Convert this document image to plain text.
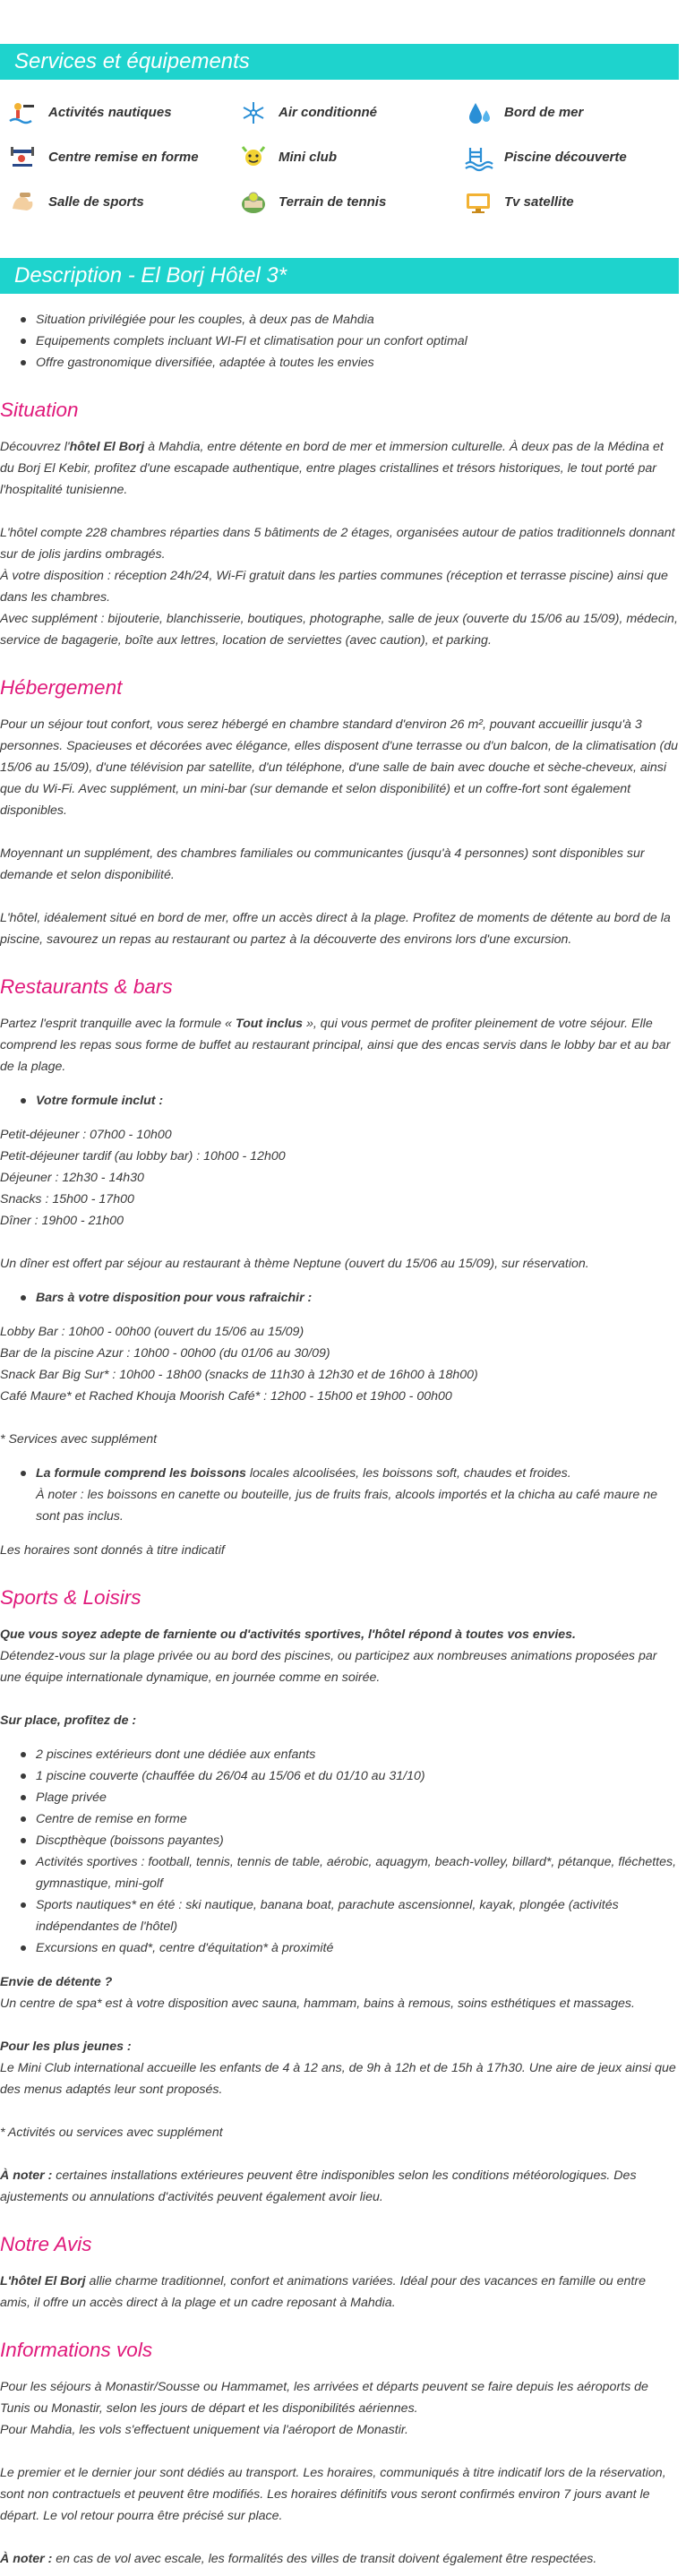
Services et équipements
Activités nautiques	Air conditionné	Bord de mer
Centre remise en forme	Mini club	Piscine découverte
Salle de sports	Terrain de tennis	Tv satellite
Description - El Borj Hôtel 3*
Situation privilégiée pour les couples, à deux pas de Mahdia
Equipements complets incluant WI-FI et climatisation pour un confort optimal
Offre gastronomique diversifiée, adaptée à toutes les envies
Situation

Découvrez l'hôtel El Borj à Mahdia, entre détente en bord de mer et immersion culturelle. À deux pas de la Médina et du Borj El Kebir, profitez d'une escapade authentique, entre plages cristallines et trésors historiques, le tout porté par l'hospitalité tunisienne.

L'hôtel compte 228 chambres réparties dans 5 bâtiments de 2 étages, organisées autour de patios traditionnels donnant sur de jolis jardins ombragés.

À votre disposition : réception 24h/24, Wi-Fi gratuit dans les parties communes (réception et terrasse piscine) ainsi que dans les chambres.

Avec supplément : bijouterie, blanchisserie, boutiques, photographe, salle de jeux (ouverte du 15/06 au 15/09), médecin, service de bagagerie, boîte aux lettres, location de serviettes (avec caution), et parking.

Hébergement

Pour un séjour tout confort, vous serez hébergé en chambre standard d'environ 26 m², pouvant accueillir jusqu'à 3 personnes. Spacieuses et décorées avec élégance, elles disposent d'une terrasse ou d'un balcon, de la climatisation (du 15/06 au 15/09), d'une télévision par satellite, d'un téléphone, d'une salle de bain avec douche et sèche-cheveux, ainsi que du Wi-Fi. Avec supplément, un mini-bar (sur demande et selon disponibilité) et un coffre-fort sont également disponibles.

Moyennant un supplément, des chambres familiales ou communicantes (jusqu'à 4 personnes) sont disponibles sur demande et selon disponibilité.

L'hôtel, idéalement situé en bord de mer, offre un accès direct à la plage. Profitez de moments de détente au bord de la piscine, savourez un repas au restaurant ou partez à la découverte des environs lors d'une excursion.

Restaurants & bars

Partez l'esprit tranquille avec la formule « Tout inclus », qui vous permet de profiter pleinement de votre séjour. Elle comprend les repas sous forme de buffet au restaurant principal, ainsi que des encas servis dans le lobby bar et au bar de la plage.

Votre formule inclut :

Petit-déjeuner : 07h00 - 10h00

Petit-déjeuner tardif (au lobby bar) : 10h00 - 12h00

Déjeuner : 12h30 - 14h30

Snacks : 15h00 - 17h00

Dîner : 19h00 - 21h00

Un dîner est offert par séjour au restaurant à thème Neptune (ouvert du 15/06 au 15/09), sur réservation.

Bars à votre disposition pour vous rafraichir :

Lobby Bar : 10h00 - 00h00 (ouvert du 15/06 au 15/09)

Bar de la piscine Azur : 10h00 - 00h00 (du 01/06 au 30/09)

Snack Bar Big Sur* : 10h00 - 18h00 (snacks de 11h30 à 12h30 et de 16h00 à 18h00)

Café Maure* et Rached Khouja Moorish Café* : 12h00 - 15h00 et 19h00 - 00h00

* Services avec supplément

La formule comprend les boissons locales alcoolisées, les boissons soft, chaudes et froides.
À noter : les boissons en canette ou bouteille, jus de fruits frais, alcools importés et la chicha au café maure ne sont pas inclus.

Les horaires sont donnés à titre indicatif

Sports & Loisirs

Que vous soyez adepte de farniente ou d'activités sportives, l'hôtel répond à toutes vos envies.

Détendez-vous sur la plage privée ou au bord des piscines, ou participez aux nombreuses animations proposées par une équipe internationale dynamique, en journée comme en soirée.

Sur place, profitez de :

2 piscines extérieurs dont une dédiée aux enfants
1 piscine couverte (chauffée du 26/04 au 15/06 et du 01/10 au 31/10)
Plage privée
Centre de remise en forme
Discpthèque (boissons payantes)
Activités sportives : football, tennis, tennis de table, aérobic, aquagym, beach-volley, billard*, pétanque, fléchettes, gymnastique, mini-golf
Sports nautiques* en été : ski nautique, banana boat, parachute ascensionnel, kayak, plongée (activités indépendantes de l'hôtel)
Excursions en quad*, centre d'équitation* à proximité

Envie de détente ?

Un centre de spa* est à votre disposition avec sauna, hammam, bains à remous, soins esthétiques et massages.

Pour les plus jeunes :

Le Mini Club international accueille les enfants de 4 à 12 ans, de 9h à 12h et de 15h à 17h30. Une aire de jeux ainsi que des menus adaptés leur sont proposés.

* Activités ou services avec supplément

À noter : certaines installations extérieures peuvent être indisponibles selon les conditions météorologiques. Des ajustements ou annulations d'activités peuvent également avoir lieu.

Notre Avis

L'hôtel El Borj allie charme traditionnel, confort et animations variées. Idéal pour des vacances en famille ou entre amis, il offre un accès direct à la plage et un cadre reposant à Mahdia.

Informations vols

Pour les séjours à Monastir/Sousse ou Hammamet, les arrivées et départs peuvent se faire depuis les aéroports de Tunis ou Monastir, selon les jours de départ et les disponibilités aériennes.

Pour Mahdia, les vols s'effectuent uniquement via l'aéroport de Monastir.

Le premier et le dernier jour sont dédiés au transport. Les horaires, communiqués à titre indicatif lors de la réservation, sont non contractuels et peuvent être modifiés. Les horaires définitifs vous seront confirmés environ 7 jours avant le départ. Le vol retour pourra être précisé sur place.

À noter : en cas de vol avec escale, les formalités des villes de transit doivent également être respectées.
